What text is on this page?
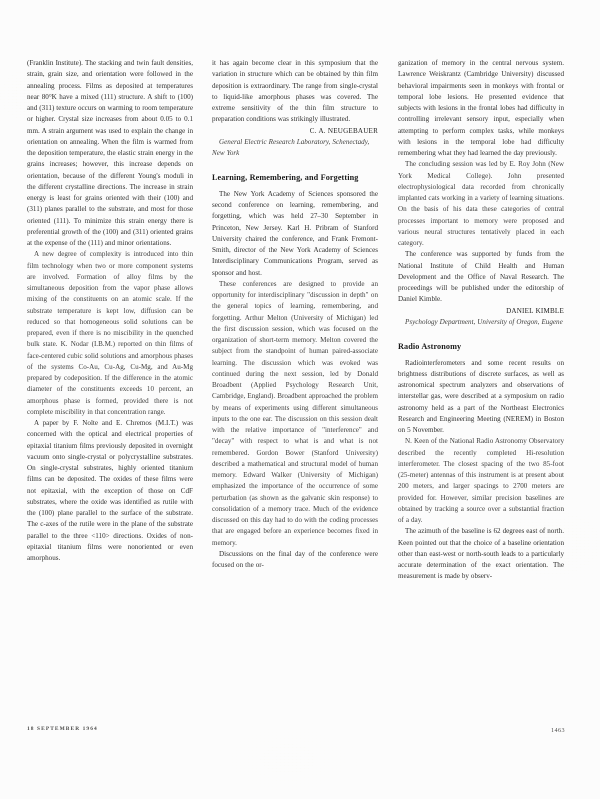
(Franklin Institute). The stacking and twin fault densities, strain, grain size, and orientation were followed in the annealing process. Films as deposited at temperatures near 80°K have a mixed (111) structure. A shift to (100) and (311) texture occurs on warming to room temperature or higher. Crystal size increases from about 0.05 to 0.1 mm. A strain argument was used to explain the change in orientation on annealing. When the film is warmed from the deposition temperature, the elastic strain energy in the grains increases; however, this increase depends on orientation, because of the different Young's moduli in the different crystalline directions. The increase in strain energy is least for grains oriented with their (100) and (311) planes parallel to the substrate, and most for those oriented (111). To minimize this strain energy there is preferential growth of the (100) and (311) oriented grains at the expense of the (111) and minor orientations.

A new degree of complexity is introduced into thin film technology when two or more component systems are involved. Formation of alloy films by the simultaneous deposition from the vapor phase allows mixing of the constituents on an atomic scale. If the substrate temperature is kept low, diffusion can be reduced so that homogeneous solid solutions can be prepared, even if there is no miscibility in the quenched bulk state. K. Nodar (I.B.M.) reported on thin films of face-centered cubic solid solutions and amorphous phases of the systems Co-Au, Cu-Ag, Cu-Mg, and Au-Mg prepared by codeposition. If the difference in the atomic diameter of the constituents exceeds 10 percent, an amorphous phase is formed, provided there is not complete miscibility in that concentration range.

A paper by F. Nolte and E. Chremos (M.I.T.) was concerned with the optical and electrical properties of epitaxial titanium films previously deposited in overnight vacuum onto single-crystal or polycrystalline substrates. On single-crystal substrates, highly oriented titanium films can be deposited. The oxides of these films were not epitaxial, with the exception of those on CdF substrates, where the oxide was identified as rutile with the (100) plane parallel to the surface of the substrate. The c-axes of the rutile were in the plane of the substrate parallel to the three <110> directions. Oxides of non-epitaxial titanium films were nonoriented or even amorphous.

it has again become clear in this symposium that the variation in structure which can be obtained by thin film deposition is extraordinary. The range from single-crystal to liquid-like amorphous phases was covered. The extreme sensitivity of the thin film structure to preparation conditions was strikingly illustrated.

C. A. NEUGEBAUER

General Electric Research Laboratory, Schenectady, New York

Learning, Remembering, and Forgetting

The New York Academy of Sciences sponsored the second conference on learning, remembering, and forgetting, which was held 27–30 September in Princeton, New Jersey. Karl H. Pribram of Stanford University chaired the conference, and Frank Fremont-Smith, director of the New York Academy of Sciences Interdisciplinary Communications Program, served as sponsor and host.

These conferences are designed to provide an opportunity for interdisciplinary "discussion in depth" on the general topics of learning, remembering, and forgetting. Arthur Melton (University of Michigan) led the first discussion session, which was focused on the organization of short-term memory. Melton covered the subject from the standpoint of human paired-associate learning. The discussion which was evoked was continued during the next session, led by Donald Broadbent (Applied Psychology Research Unit, Cambridge, England). Broadbent approached the problem by means of experiments using different simultaneous inputs to the one ear. The discussion on this session dealt with the relative importance of "interference" and "decay" with respect to what is and what is not remembered. Gordon Bower (Stanford University) described a mathematical and structural model of human memory. Edward Walker (University of Michigan) emphasized the importance of the occurrence of some perturbation (as shown as the galvanic skin response) to consolidation of a memory trace. Much of the evidence discussed on this day had to do with the coding processes that are engaged before an experience becomes fixed in memory.

Discussions on the final day of the conference were focused on the or-

ganization of memory in the central nervous system. Lawrence Weiskrantz (Cambridge University) discussed behavioral impairments seen in monkeys with frontal or temporal lobe lesions. He presented evidence that subjects with lesions in the frontal lobes had difficulty in controlling irrelevant sensory input, especially when attempting to perform complex tasks, while monkeys with lesions in the temporal lobe had difficulty remembering what they had learned the day previously.

The concluding session was led by E. Roy John (New York Medical College). John presented electrophysiological data recorded from chronically implanted cats working in a variety of learning situations. On the basis of his data these categories of central processes important to memory were proposed and various neural structures tentatively placed in each category.

The conference was supported by funds from the National Institute of Child Health and Human Development and the Office of Naval Research. The proceedings will be published under the editorship of Daniel Kimble.

DANIEL KIMBLE

Psychology Department, University of Oregon, Eugene

Radio Astronomy

Radiointerferometers and some recent results on brightness distributions of discrete surfaces, as well as astronomical spectrum analyzers and observations of interstellar gas, were described at a symposium on radio astronomy held as a part of the Northeast Electronics Research and Engineering Meeting (NEREM) in Boston on 5 November.

N. Keen of the National Radio Astronomy Observatory described the recently completed Hi-resolution interferometer. The closest spacing of the two 85-foot (25-meter) antennas of this instrument is at present about 200 meters, and larger spacings to 2700 meters are provided for. However, similar precision baselines are obtained by tracking a source over a substantial fraction of a day.

The azimuth of the baseline is 62 degrees east of north. Keen pointed out that the choice of a baseline orientation other than east-west or north-south leads to a particularly accurate determination of the exact orientation. The measurement is made by observ-

18 SEPTEMBER 1964	1463
